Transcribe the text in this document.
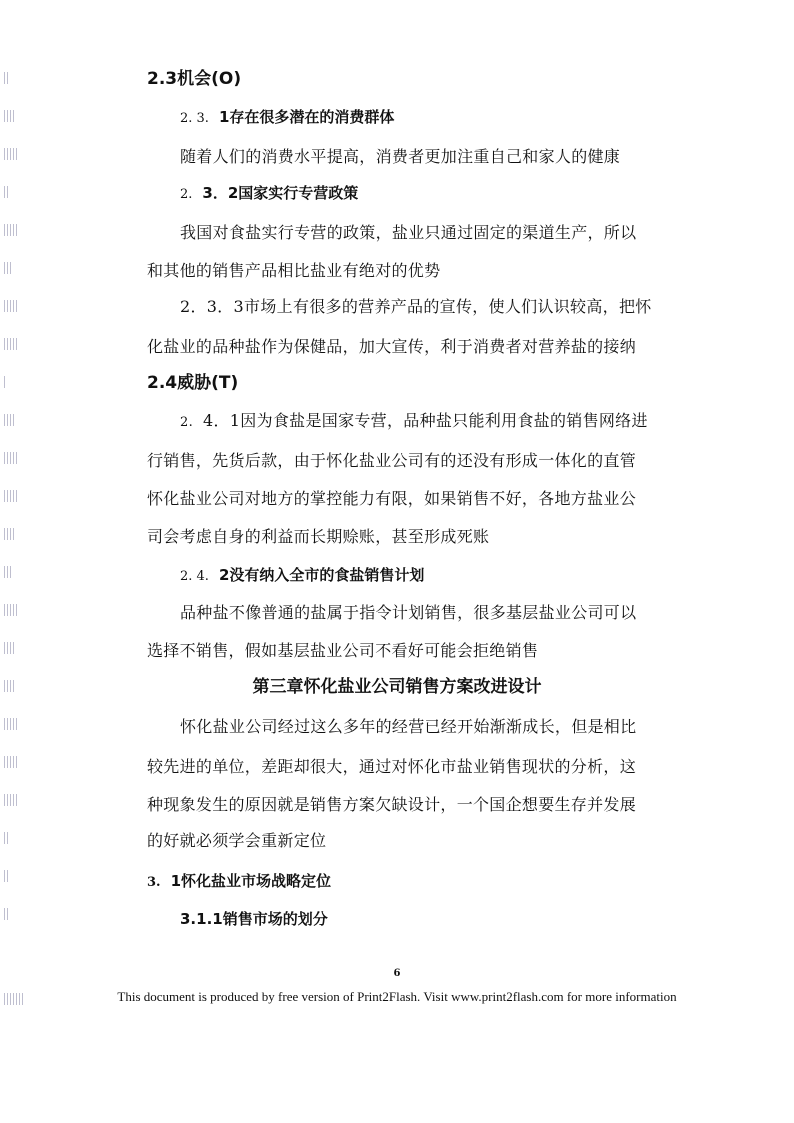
2.3机会(O)
2. 3. 1存在很多潜在的消费群体
随着人们的消费水平提高，消费者更加注重自己和家人的健康
2. 3．2国家实行专营政策
我国对食盐实行专营的政策，盐业只通过固定的渠道生产，所以
和其他的销售产品相比盐业有绝对的优势
2．3．3市场上有很多的营养产品的宣传，使人们认识较高，把怀
化盐业的品种盐作为保健品，加大宣传，利于消费者对营养盐的接纳
2.4威胁(T)
2. 4．1因为食盐是国家专营，品种盐只能利用食盐的销售网络进
行销售，先货后款，由于怀化盐业公司有的还没有形成一体化的直管
怀化盐业公司对地方的掌控能力有限，如果销售不好，各地方盐业公
司会考虑自身的利益而长期赊账，甚至形成死账
2. 4. 2没有纳入全市的食盐销售计划
品种盐不像普通的盐属于指令计划销售，很多基层盐业公司可以
选择不销售，假如基层盐业公司不看好可能会拒绝销售
第三章怀化盐业公司销售方案改进设计
怀化盐业公司经过这么多年的经营已经开始渐渐成长，但是相比
较先进的单位，差距却很大，通过对怀化市盐业销售现状的分析，这
种现象发生的原因就是销售方案欠缺设计，一个国企想要生存并发展
的好就必须学会重新定位
3. 1怀化盐业市场战略定位
3.1.1销售市场的划分
6
This document is produced by free version of Print2Flash. Visit www.print2flash.com for more information
